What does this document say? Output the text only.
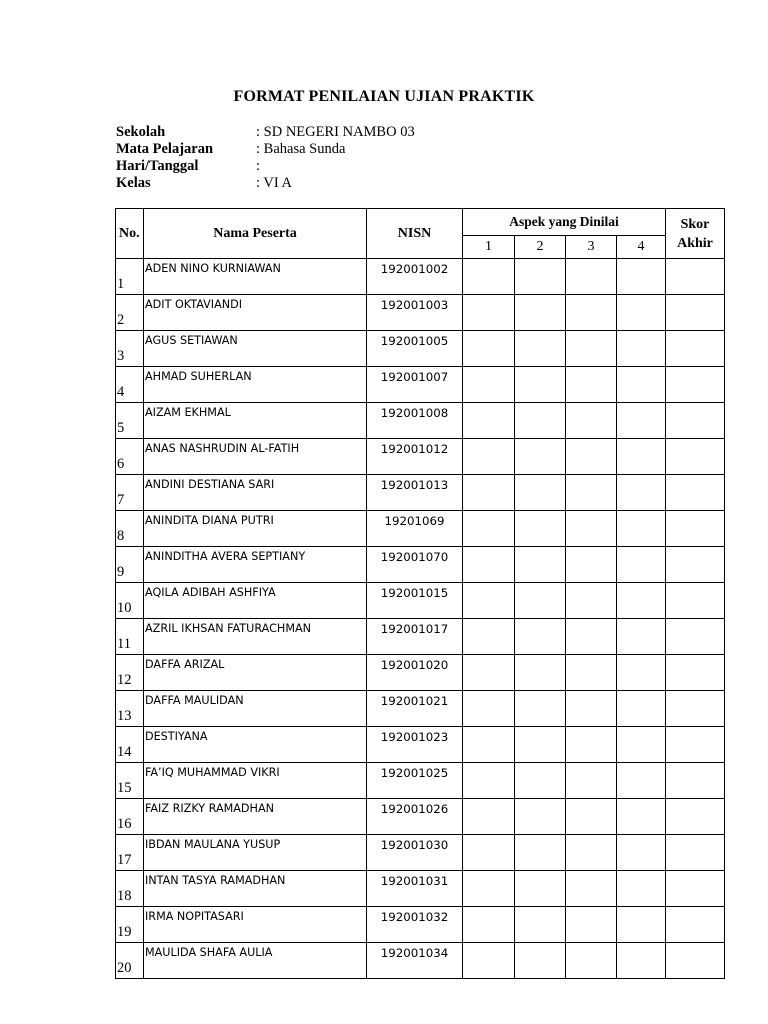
FORMAT PENILAIAN UJIAN PRAKTIK
Sekolah	: SD NEGERI NAMBO 03
Mata Pelajaran	: Bahasa Sunda
Hari/Tanggal	:
Kelas	: VI A
No.	Nama Peserta	NISN	Aspek yang Dinilai				Skor Akhir
			1	2	3	4	
1	ADEN NINO KURNIAWAN	192001002					
2	ADIT OKTAVIANDI	192001003					
3	AGUS SETIAWAN	192001005					
4	AHMAD SUHERLAN	192001007					
5	AIZAM EKHMAL	192001008					
6	ANAS NASHRUDIN AL-FATIH	192001012					
7	ANDINI DESTIANA SARI	192001013					
8	ANINDITA DIANA PUTRI	19201069					
9	ANINDITHA AVERA SEPTIANY	192001070					
10	AQILA ADIBAH ASHFIYA	192001015					
11	AZRIL IKHSAN FATURACHMAN	192001017					
12	DAFFA ARIZAL	192001020					
13	DAFFA MAULIDAN	192001021					
14	DESTIYANA	192001023					
15	FA’IQ MUHAMMAD VIKRI	192001025					
16	FAIZ RIZKY RAMADHAN	192001026					
17	IBDAN MAULANA YUSUP	192001030					
18	INTAN TASYA RAMADHAN	192001031					
19	IRMA NOPITASARI	192001032					
20	MAULIDA SHAFA AULIA	192001034					
